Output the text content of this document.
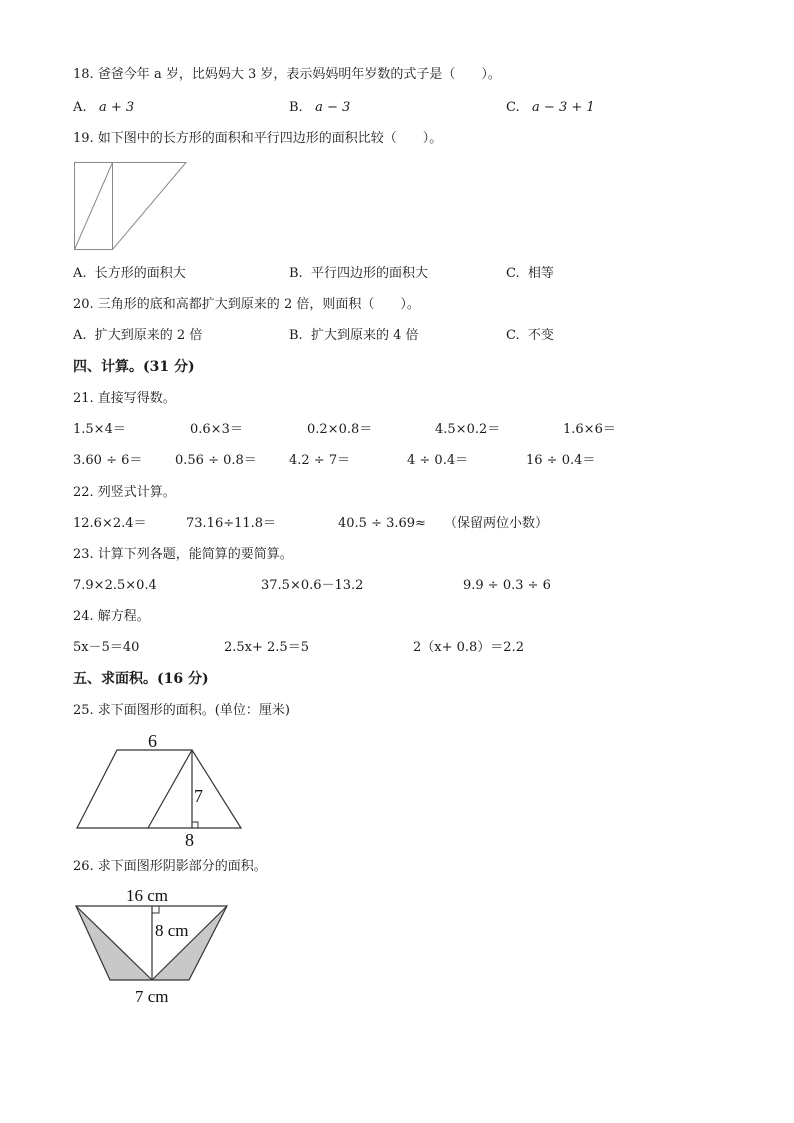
18. 爸爸今年 a 岁，比妈妈大 3 岁，表示妈妈明年岁数的式子是（　　）。
A. a + 3	B. a − 3	C. a − 3 + 1
19. 如下图中的长方形的面积和平行四边形的面积比较（　　）。
A. 长方形的面积大	B. 平行四边形的面积大	C. 相等
20. 三角形的底和高都扩大到原来的 2 倍，则面积（　　）。
A. 扩大到原来的 2 倍	B. 扩大到原来的 4 倍	C. 不变
四、计算。(31 分)
21. 直接写得数。
1.5×4＝	0.6×3＝	0.2×0.8＝	4.5×0.2＝	1.6×6＝
3.60 ÷ 6＝	0.56 ÷ 0.8＝ 4.2 ÷ 7＝	4 ÷ 0.4＝	16 ÷ 0.4＝
22. 列竖式计算。
12.6×2.4＝	73.16÷11.8＝	40.5 ÷ 3.69≈ （保留两位小数）
23. 计算下列各题，能简算的要简算。
7.9×2.5×0.4	37.5×0.6－13.2	9.9 ÷ 0.3 ÷ 6
24. 解方程。
5x－5＝40	2.5x+ 2.5＝5	2（x+ 0.8）＝2.2
五、求面积。(16 分)
25. 求下面图形的面积。(单位：厘米)
6
7
8
26. 求下面图形阴影部分的面积。
16 cm
8 cm
7 cm
